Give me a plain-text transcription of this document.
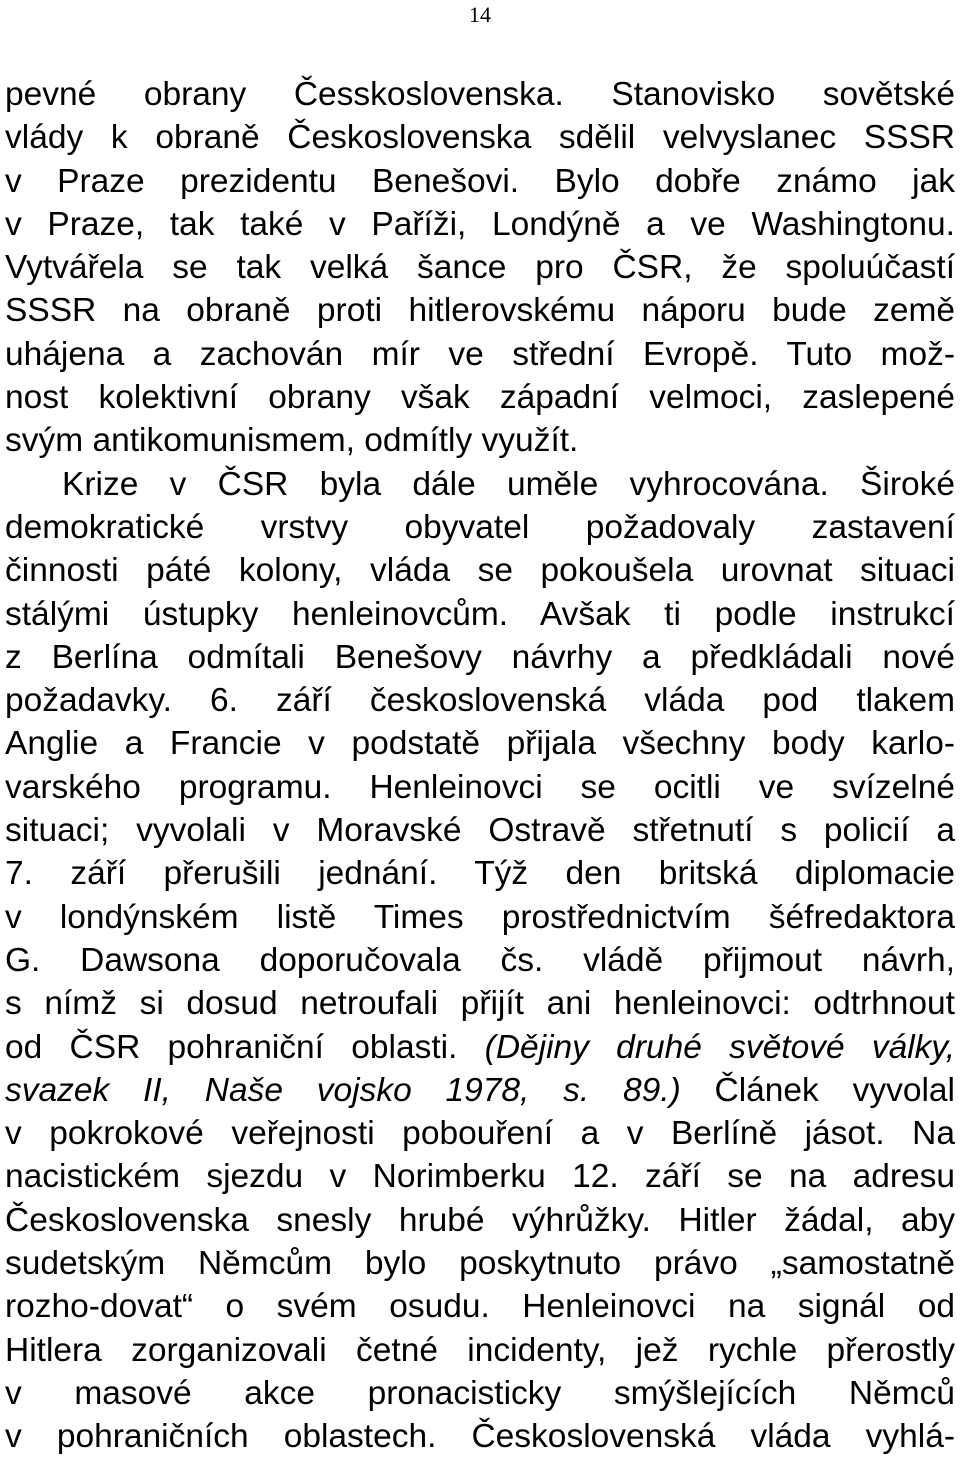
14
pevné obrany Česskoslovenska. Stanovisko sovětské
vlády k obraně Československa sdělil velvyslanec SSSR
v Praze prezidentu Benešovi. Bylo dobře známo jak
v Praze, tak také v Paříži, Londýně a ve Washingtonu.
Vytvářela se tak velká šance pro ČSR, že spoluúčastí
SSSR na obraně proti hitlerovskému náporu bude země
uhájena a zachován mír ve střední Evropě. Tuto mož-
nost kolektivní obrany však západní velmoci, zaslepené
svým antikomunismem, odmítly využít.
Krize v ČSR byla dále uměle vyhrocována. Široké
demokratické vrstvy obyvatel požadovaly zastavení
činnosti páté kolony, vláda se pokoušela urovnat situaci
stálými ústupky henleinovcům. Avšak ti podle instrukcí
z Berlína odmítali Benešovy návrhy a předkládali nové
požadavky. 6. září československá vláda pod tlakem
Anglie a Francie v podstatě přijala všechny body karlo-
varského programu. Henleinovci se ocitli ve svízelné
situaci; vyvolali v Moravské Ostravě střetnutí s policií a
7. září přerušili jednání. Týž den britská diplomacie
v londýnském listě Times prostřednictvím šéfredaktora
G. Dawsona doporučovala čs. vládě přijmout návrh,
s nímž si dosud netroufali přijít ani henleinovci: odtrhnout
od ČSR pohraniční oblasti. (Dějiny druhé světové války,
svazek II, Naše vojsko 1978, s. 89.) Článek vyvolal
v pokrokové veřejnosti pobouření a v Berlíně jásot. Na
nacistickém sjezdu v Norimberku 12. září se na adresu
Československa snesly hrubé výhrůžky. Hitler žádal, aby
sudetským Němcům bylo poskytnuto právo „samostatně
rozho-dovat“ o svém osudu. Henleinovci na signál od
Hitlera zorganizovali četné incidenty, jež rychle přerostly
v masové akce pronacisticky smýšlejících Němců
v pohraničních oblastech. Československá vláda vyhlá-
